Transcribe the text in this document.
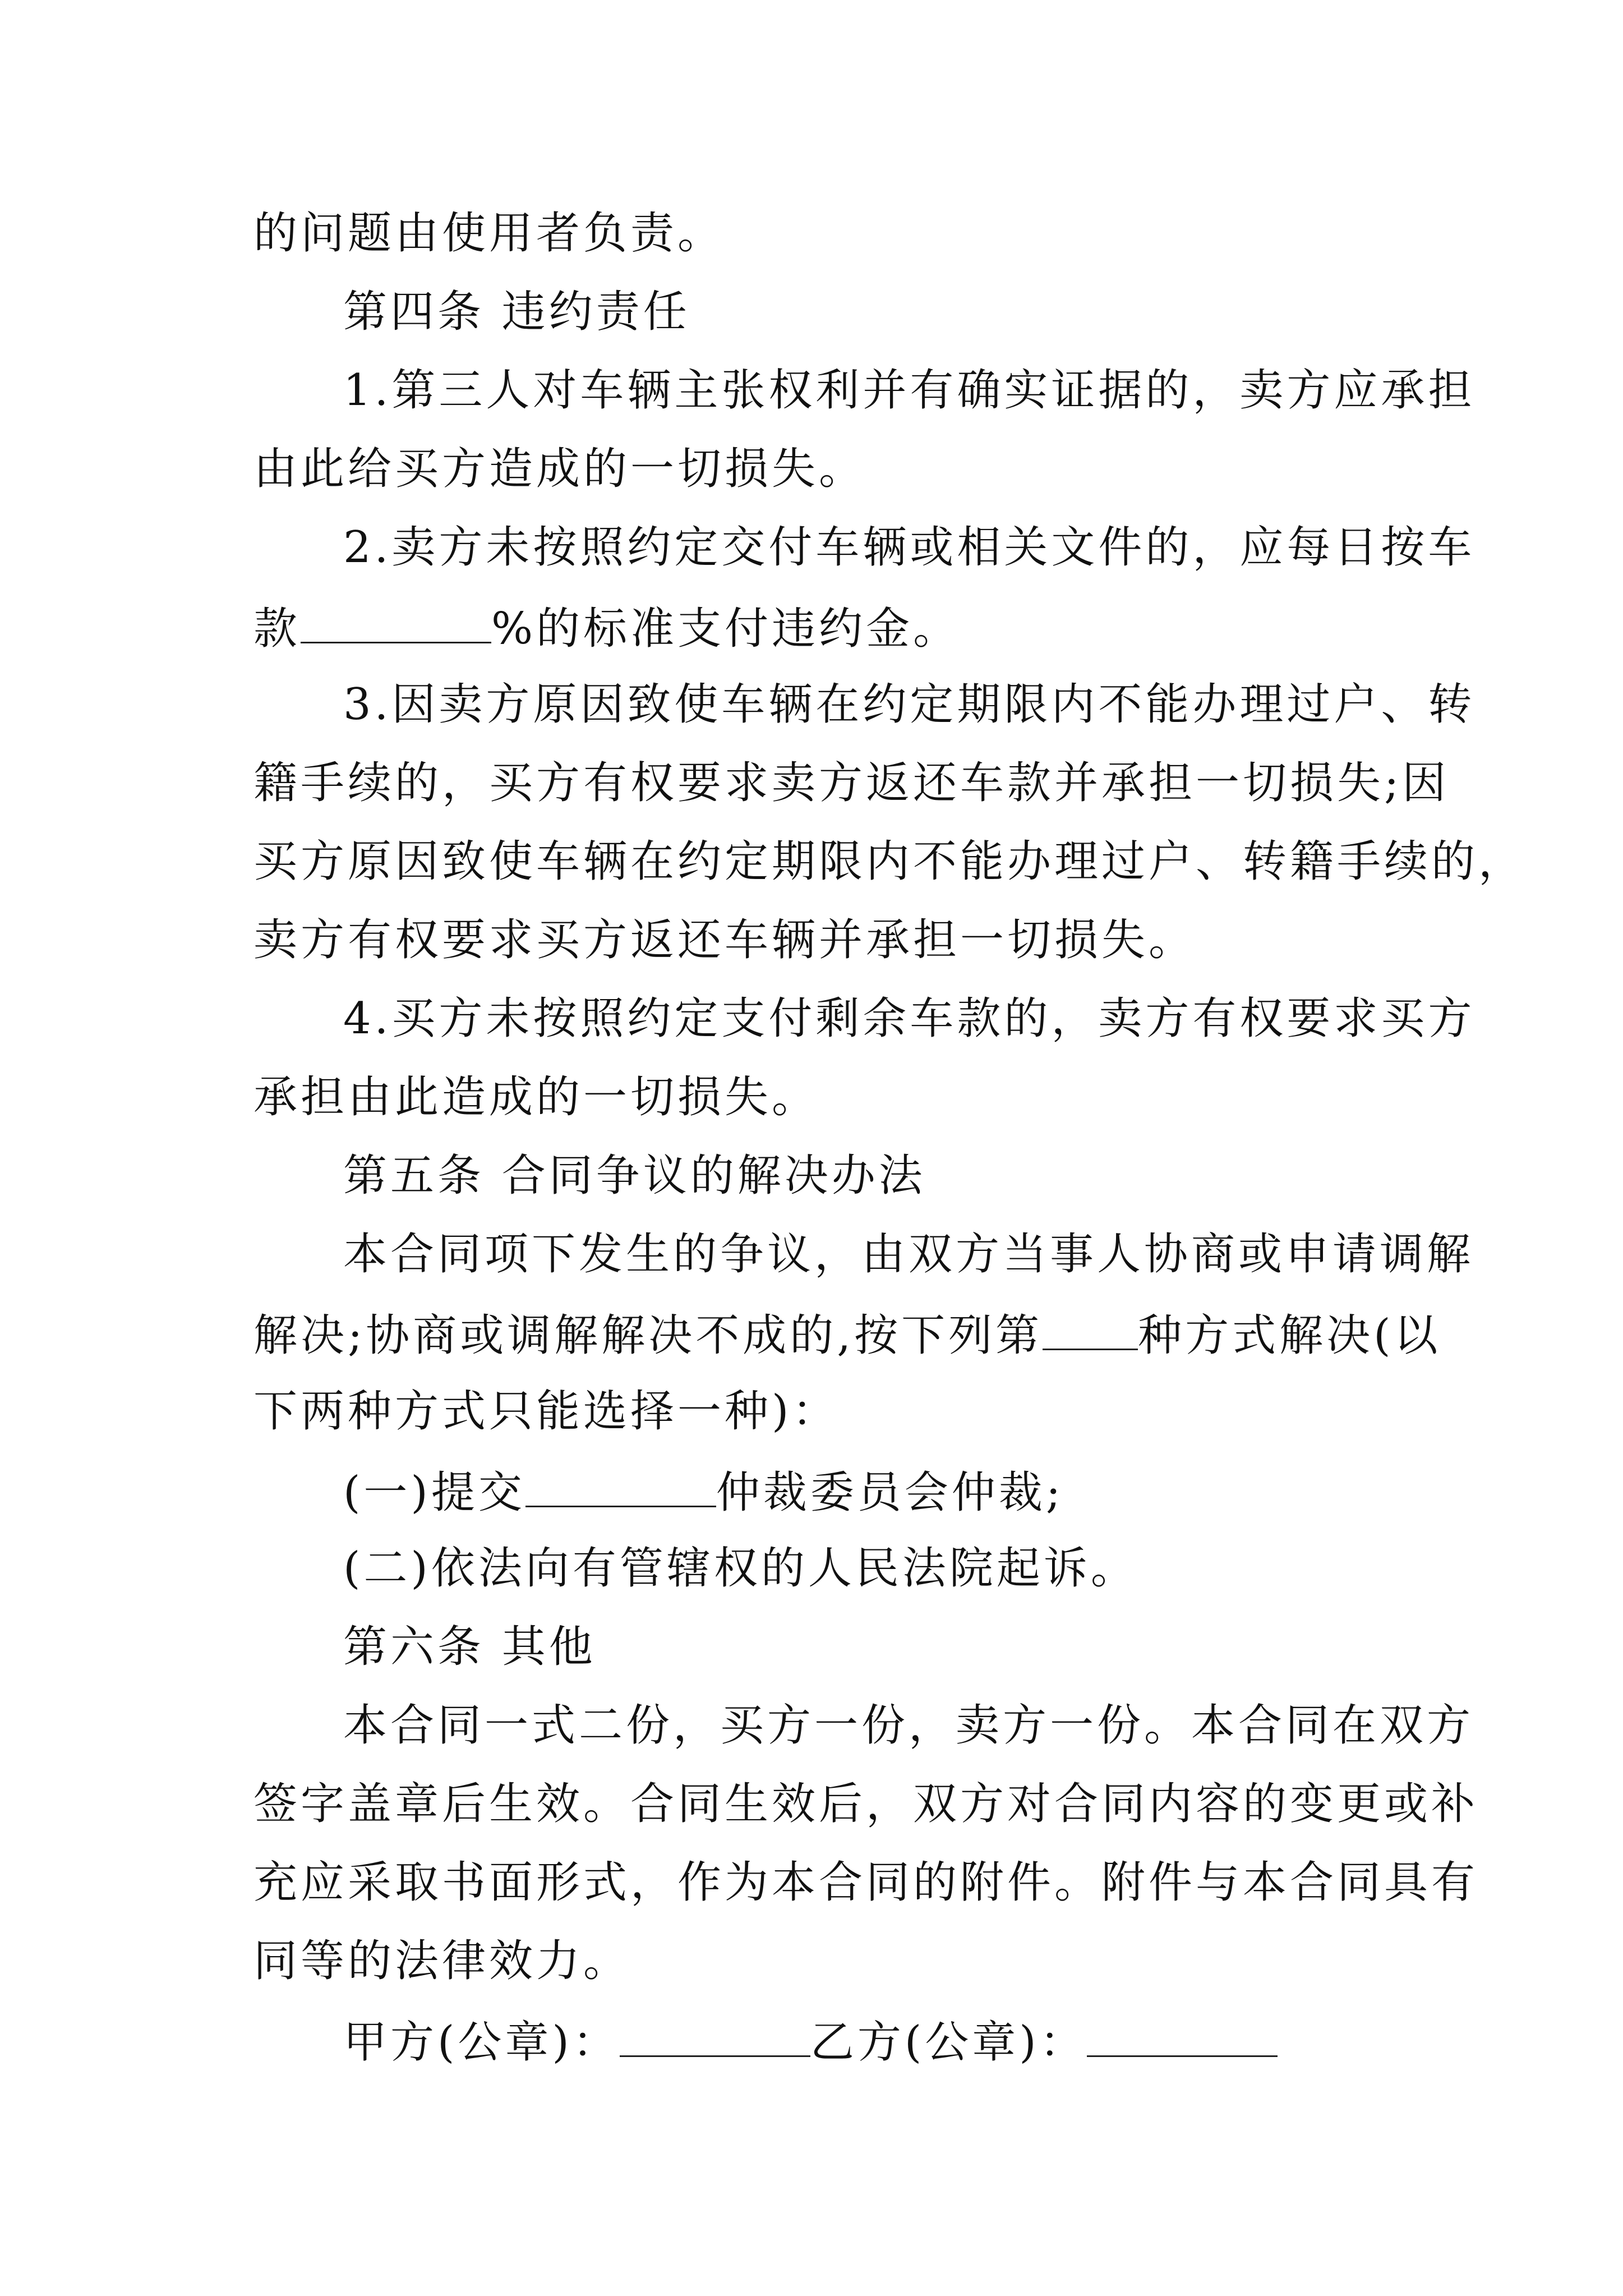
的问题由使用者负责。
第四条 违约责任
1.第三人对车辆主张权利并有确实证据的，卖方应承担
由此给买方造成的一切损失。
2.卖方未按照约定交付车辆或相关文件的，应每日按车
款	%的标准支付违约金。
3.因卖方原因致使车辆在约定期限内不能办理过户、转
籍手续的，买方有权要求卖方返还车款并承担一切损失;因
买方原因致使车辆在约定期限内不能办理过户、转籍手续的，
卖方有权要求买方返还车辆并承担一切损失。
4.买方未按照约定支付剩余车款的，卖方有权要求买方
承担由此造成的一切损失。
第五条 合同争议的解决办法
本合同项下发生的争议，由双方当事人协商或申请调解
解决;协商或调解解决不成的,按下列第 种方式解决(以
下两种方式只能选择一种)：
(一)提交	仲裁委员会仲裁;
(二)依法向有管辖权的人民法院起诉。
第六条 其他
本合同一式二份，买方一份，卖方一份。本合同在双方
签字盖章后生效。合同生效后，双方对合同内容的变更或补
充应采取书面形式，作为本合同的附件。附件与本合同具有
同等的法律效力。
甲方(公章)：	乙方(公章)：
